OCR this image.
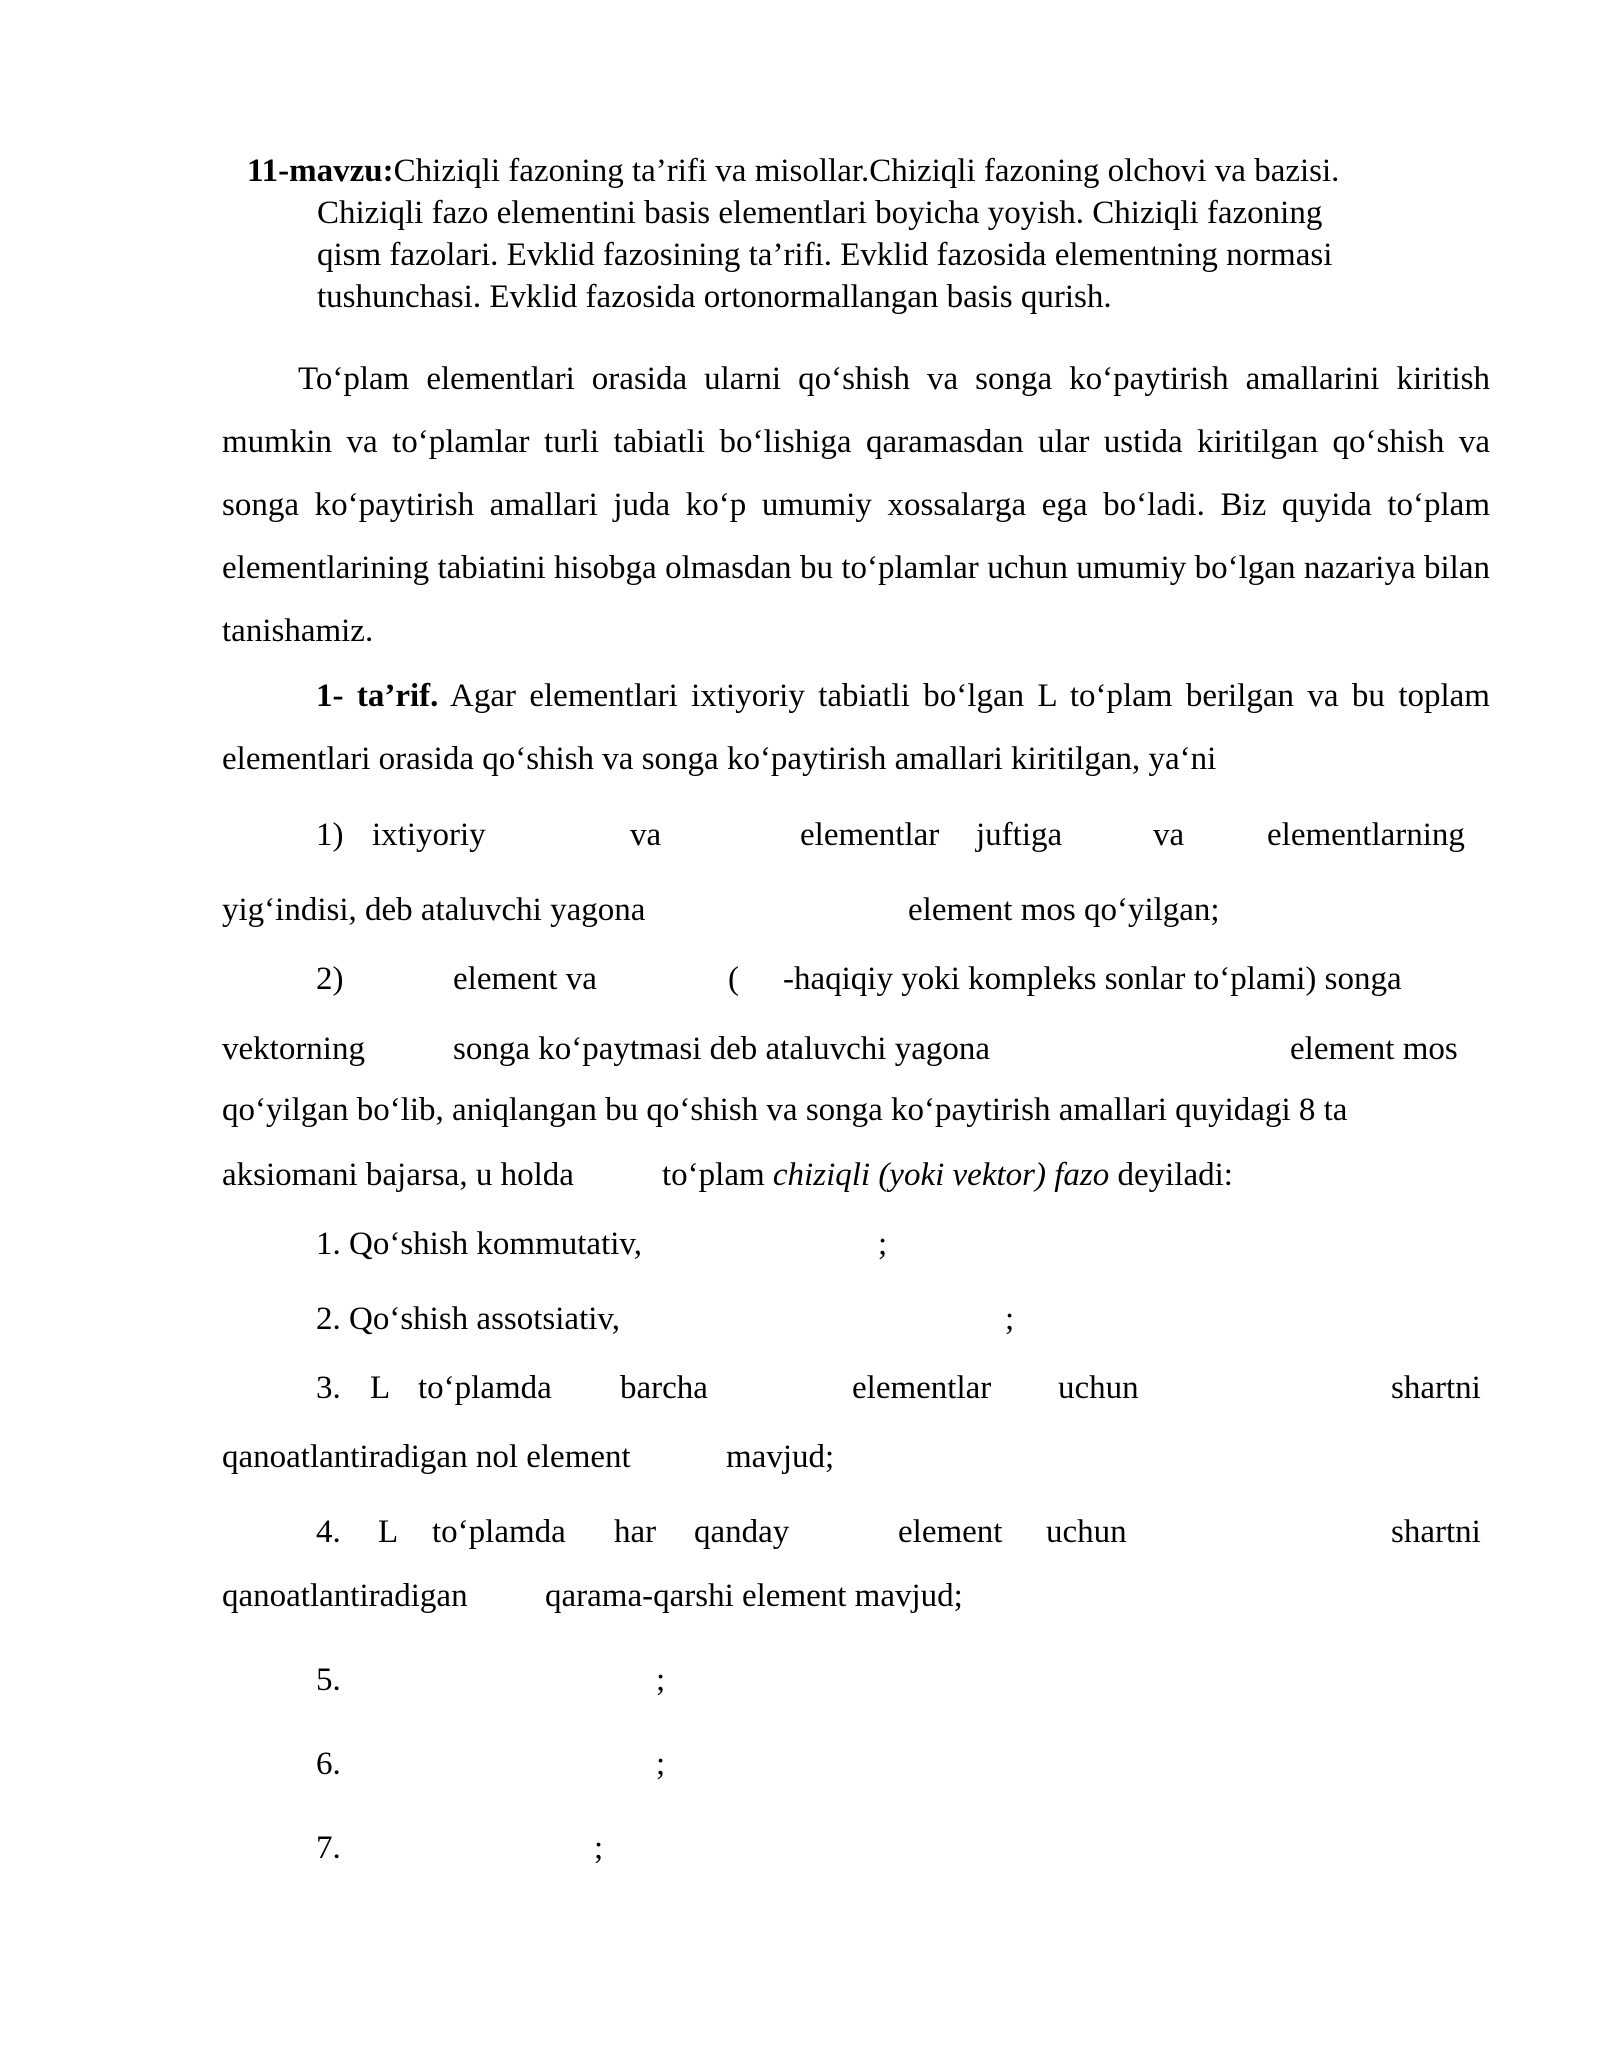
11-mavzu:Chiziqli fazoning ta’rifi va misollar.Chiziqli fazoning olchovi va bazisi.
Chiziqli fazo elementini basis elementlari boyicha yoyish. Chiziqli fazoning
qism fazolari. Evklid fazosining ta’rifi. Evklid fazosida elementning normasi
tushunchasi. Evklid fazosida ortonormallangan basis qurish.
To‘plam elementlari orasida ularni qo‘shish va songa ko‘paytirish amallarini kiritish mumkin va to‘plamlar turli tabiatli bo‘lishiga qaramasdan ular ustida kiritilgan qo‘shish va songa ko‘paytirish amallari juda ko‘p umumiy xossalarga ega bo‘ladi. Biz quyida to‘plam elementlarining tabiatini hisobga olmasdan bu to‘plamlar uchun umumiy bo‘lgan nazariya bilan tanishamiz.
1- ta’rif. Agar elementlari ixtiyoriy tabiatli bo‘lgan L to‘plam berilgan va bu toplam elementlari orasida qo‘shish va songa ko‘paytirish amallari kiritilgan, ya‘ni
1) ixtiyoriy	va	elementlar juftiga	va	elementlarning
yig‘indisi, deb ataluvchi yagona	element mos qo‘yilgan;
2)	element va	( -haqiqiy yoki kompleks sonlar to‘plami) songa
vektorning	songa ko‘paytmasi deb ataluvchi yagona	element mos
qo‘yilgan bo‘lib, aniqlangan bu qo‘shish va songa ko‘paytirish amallari quyidagi 8 ta
aksiomani bajarsa, u holda	to‘plam chiziqli (yoki vektor) fazo deyiladi:
1. Qo‘shish kommutativ,	;
2. Qo‘shish assotsiativ,	;
3. L to‘plamda barcha	elementlar uchun	shartni
qanoatlantiradigan nol element	mavjud;
4. L to‘plamda har qanday	element uchun	shartni
qanoatlantiradigan qarama-qarshi element mavjud;
5.	;
6.	;
7.	;
